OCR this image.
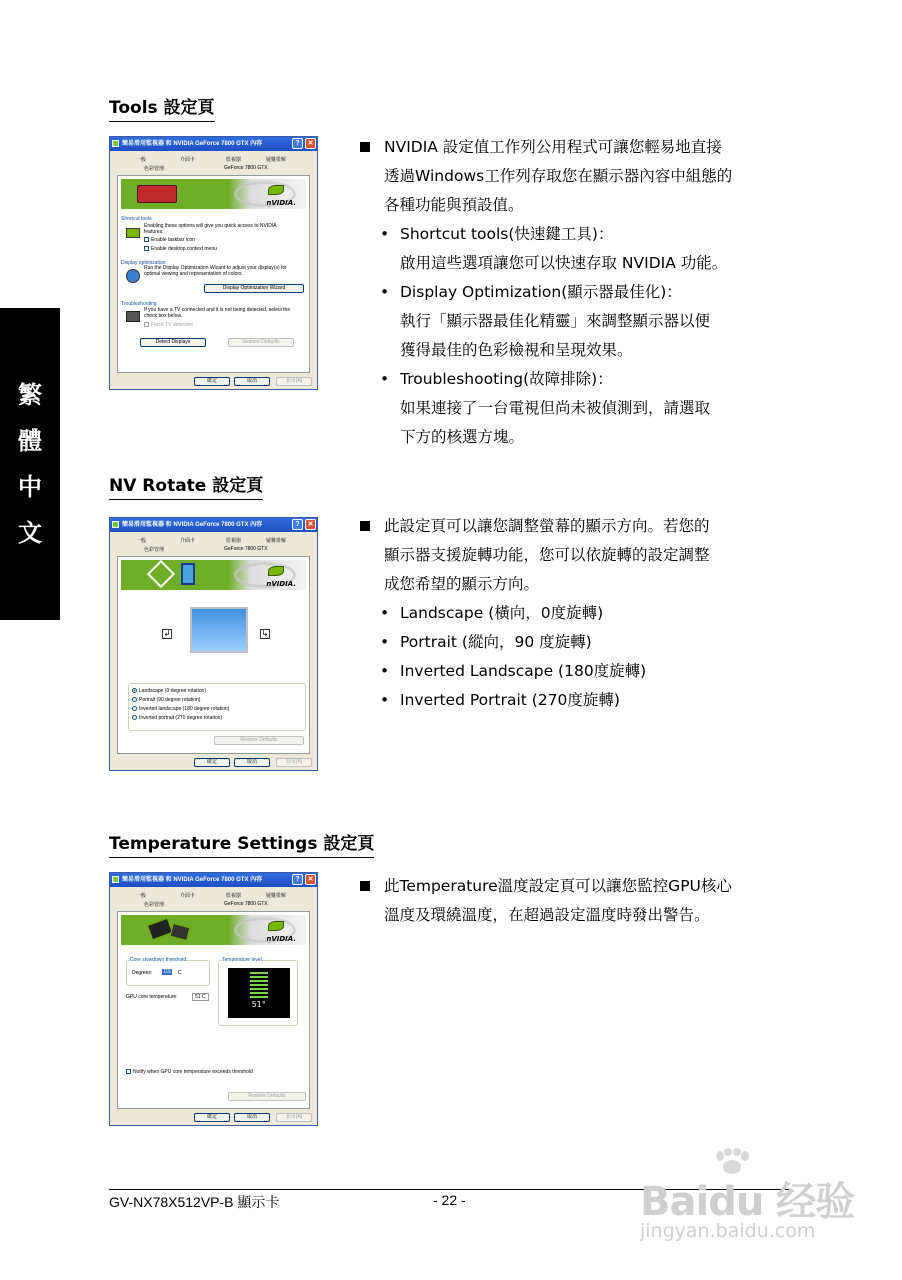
繁
體
中
文
Tools 設定頁
簡易滑用監視器 和 NVIDIA GeForce 7800 GTX 內容	?	✕
一般	介面卡	監視器	疑難排解
色彩管理	GeForce 7800 GTX
nVIDIA.
Shortcut tools
Enabling these options will give you quick access to NVIDIA features.
Enable taskbar icon
Enable desktop context menu
Display optimization
Run the Display Optimization Wizard to adjust your display(s) for optimal viewing and representation of colors.
Display Optimization Wizard
Troubleshooting
If you have a TV connected and it is not being detected, select the check box below.
Force TV detection
Detect Displays	Restore Defaults
確定	取消	套用(A)

NVIDIA 設定值工作列公用程式可讓您輕易地直接

透過Windows工作列存取您在顯示器內容中組態的

各種功能與預設值。

• Shortcut tools(快速鍵工具)：

啟用這些選項讓您可以快速存取 NVIDIA 功能。

• Display Optimization(顯示器最佳化)：

執行「顯示器最佳化精靈」來調整顯示器以便

獲得最佳的色彩檢視和呈現效果。

• Troubleshooting(故障排除)：

如果連接了一台電視但尚未被偵測到，請選取

下方的核選方塊。

NV Rotate 設定頁
簡易滑用監視器 和 NVIDIA GeForce 7800 GTX 內容	?	✕
一般	介面卡	監視器	疑難排解
色彩管理	GeForce 7800 GTX
nVIDIA.
↲	↳
Landscape (0 degree rotation)
Portrait (90 degree rotation)
Inverted landscape (180 degree rotation)
Inverted portrait (270 degree rotation)
Restore Defaults
確定	取消	套用(A)

此設定頁可以讓您調整螢幕的顯示方向。若您的

顯示器支援旋轉功能，您可以依旋轉的設定調整

成您希望的顯示方向。

• Landscape (橫向，0度旋轉)

• Portrait (縱向，90 度旋轉)

• Inverted Landscape (180度旋轉)

• Inverted Portrait (270度旋轉)

Temperature Settings 設定頁
簡易滑用監視器 和 NVIDIA GeForce 7800 GTX 內容	?	✕
一般	介面卡	監視器	疑難排解
色彩管理	GeForce 7800 GTX
nVIDIA.
Core slowdown threshold
Degrees: 115 C
GPU core temperature:	51 C
Temperature level
51°
Notify when GPU core temperature exceeds threshold
Restore Defaults
確定	取消	套用(A)

此Temperature溫度設定頁可以讓您監控GPU核心

溫度及環繞溫度，在超過設定溫度時發出警告。

GV-NX78X512VP-B 顯示卡	- 22 -	Baidu 经验
jingyan.baidu.com
